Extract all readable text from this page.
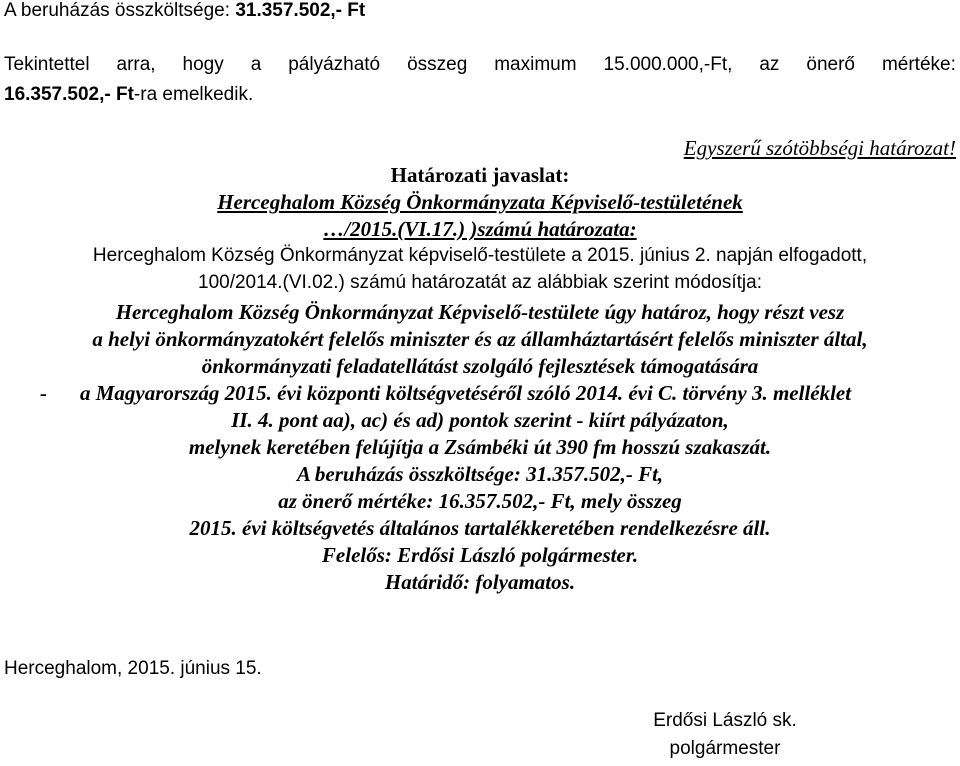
A beruházás összköltsége: 31.357.502,- Ft
Tekintettel arra, hogy a pályázható összeg maximum 15.000.000,-Ft, az önerő mértéke:
16.357.502,- Ft-ra emelkedik.
Egyszerű szótöbbségi határozat!
Határozati javaslat:
Herceghalom Község Önkormányzata Képviselő-testületének
…/2015.(VI.17.) )számú határozata:
Herceghalom Község Önkormányzat képviselő-testülete a 2015. június 2. napján elfogadott,
100/2014.(VI.02.) számú határozatát az alábbiak szerint módosítja:
Herceghalom Község Önkormányzat Képviselő-testülete úgy határoz, hogy részt vesz
a helyi önkormányzatokért felelős miniszter és az államháztartásért felelős miniszter által,
önkormányzati feladatellátást szolgáló fejlesztések támogatására
- a Magyarország 2015. évi központi költségvetéséről szóló 2014. évi C. törvény 3. melléklet
II. 4. pont aa), ac) és ad) pontok szerint - kiírt pályázaton,
melynek keretében felújítja a Zsámbéki út 390 fm hosszú szakaszát.
A beruházás összköltsége: 31.357.502,- Ft,
az önerő mértéke: 16.357.502,- Ft, mely összeg
2015. évi költségvetés általános tartalékkeretében rendelkezésre áll.
Felelős: Erdősi László polgármester.
Határidő: folyamatos.
Herceghalom, 2015. június 15.
Erdősi László sk.
polgármester
